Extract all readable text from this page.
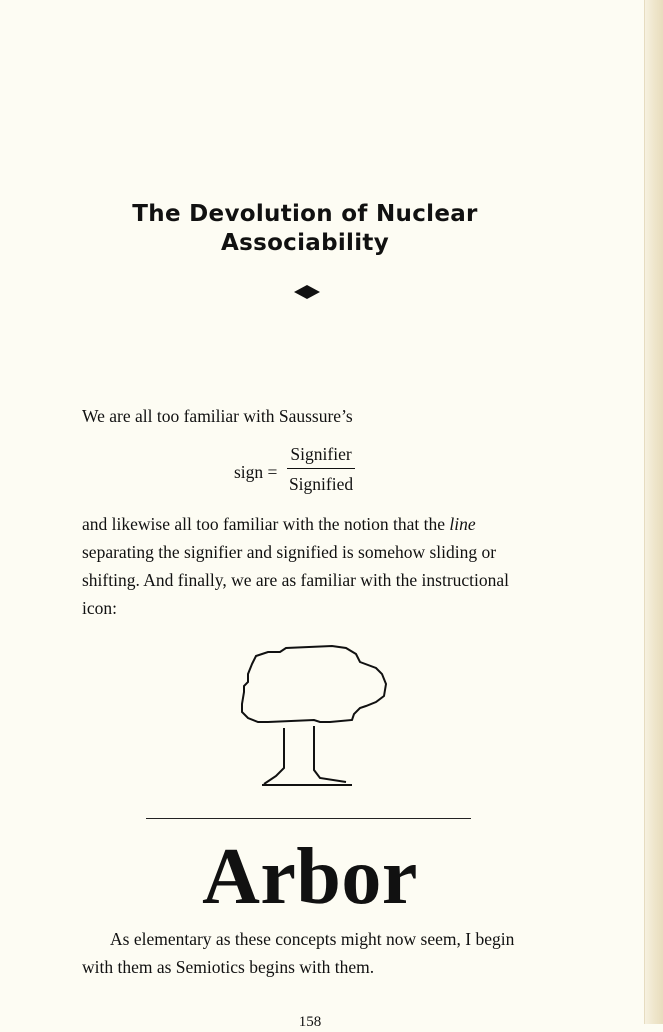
The Devolution of Nuclear
Associability

We are all too familiar with Saussure’s

sign = $\frac{\text{Signifier}}{\text{Signified}}$

and likewise all too familiar with the notion that the line separating the signifier and signified is somehow sliding or shifting. And finally, we are as familiar with the instructional icon:

Arbor

As elementary as these concepts might now seem, I begin with them as Semiotics begins with them.

158
